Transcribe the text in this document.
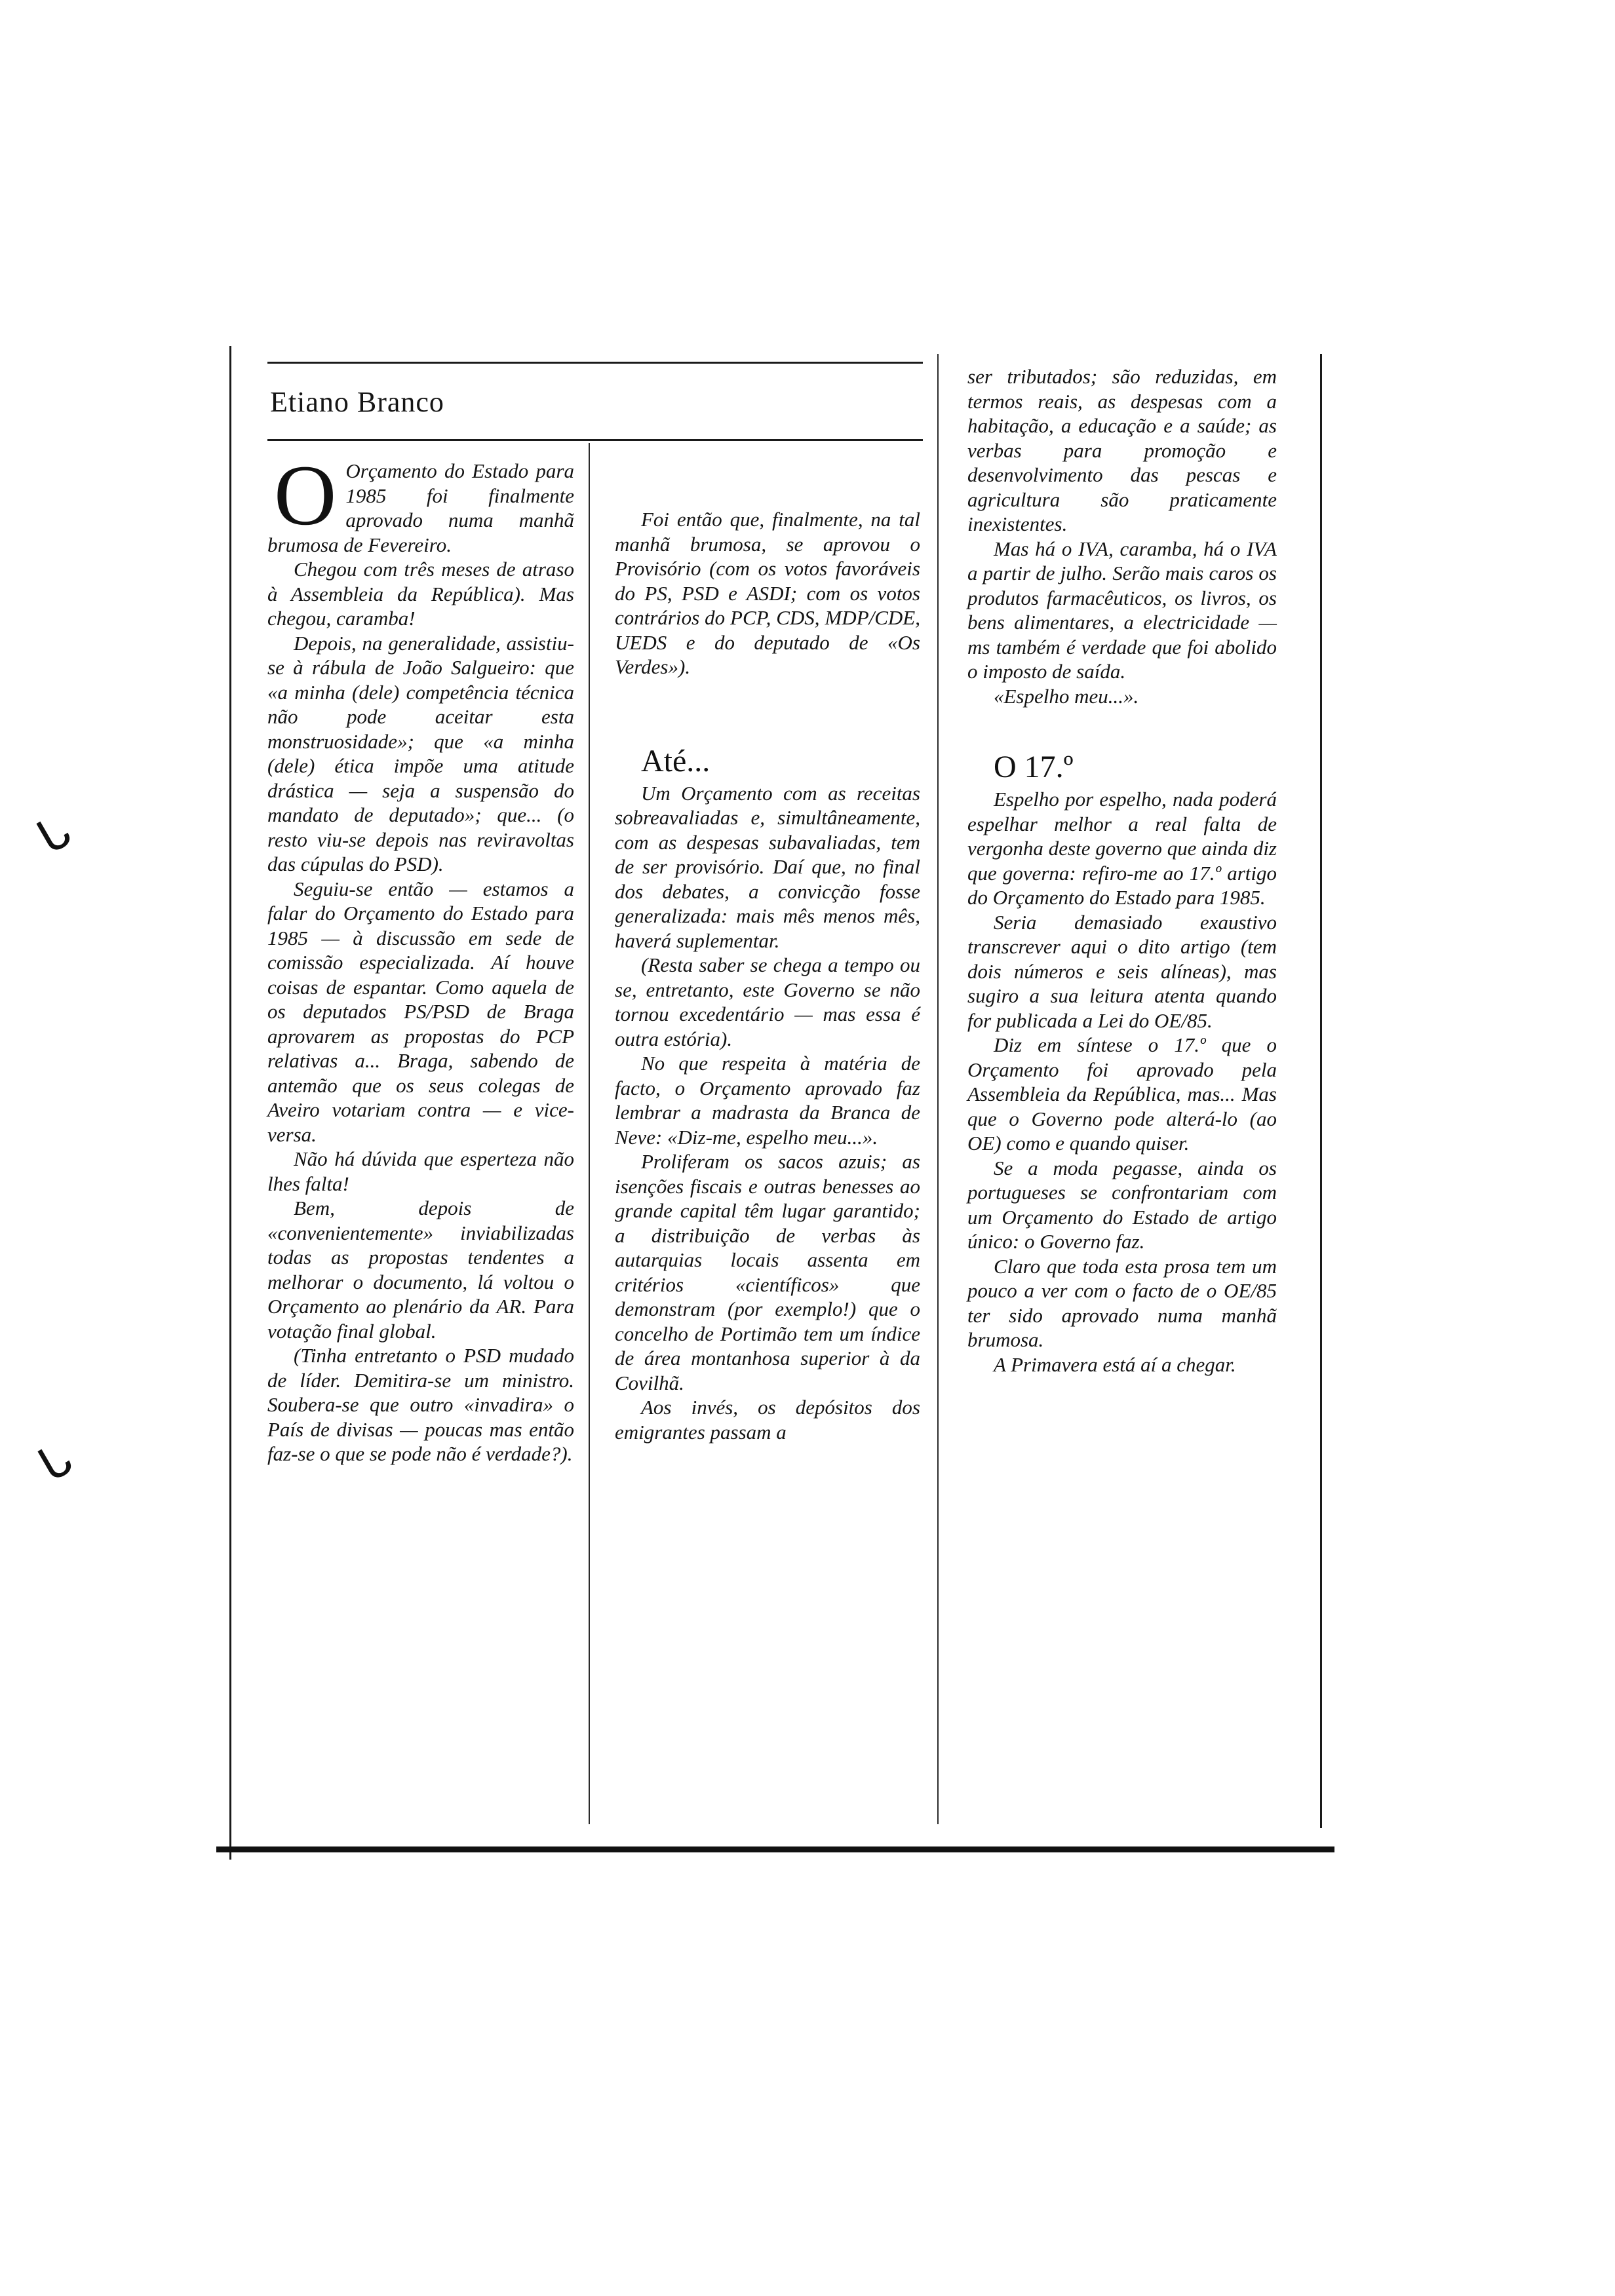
ᒐ
ᒐ
Etiano Branco

O Orçamento do Estado para 1985 foi finalmente aprovado numa manhã brumosa de Fevereiro.

Chegou com três meses de atraso à Assembleia da República). Mas chegou, caramba!

Depois, na generalidade, assistiu-se à rábula de João Salgueiro: que «a minha (dele) competência técnica não pode aceitar esta monstruosidade»; que «a minha (dele) ética impõe uma atitude drástica — seja a suspensão do mandato de deputado»; que... (o resto viu-se depois nas reviravoltas das cúpulas do PSD).

Seguiu-se então — estamos a falar do Orçamento do Estado para 1985 — à discussão em sede de comissão especializada. Aí houve coisas de espantar. Como aquela de os deputados PS/PSD de Braga aprovarem as propostas do PCP relativas a... Braga, sabendo de antemão que os seus colegas de Aveiro votariam contra — e vice-versa.

Não há dúvida que esperteza não lhes falta!

Bem, depois de «convenientemente» inviabilizadas todas as propostas tendentes a melhorar o documento, lá voltou o Orçamento ao plenário da AR. Para votação final global.

(Tinha entretanto o PSD mudado de líder. Demitira-se um ministro. Soubera-se que outro «invadira» o País de divisas — poucas mas então faz-se o que se pode não é verdade?).

Foi então que, finalmente, na tal manhã brumosa, se aprovou o Provisório (com os votos favoráveis do PS, PSD e ASDI; com os votos contrários do PCP, CDS, MDP/CDE, UEDS e do deputado de «Os Verdes»).

Até...

Um Orçamento com as receitas sobreavaliadas e, simultâneamente, com as despesas subavaliadas, tem de ser provisório. Daí que, no final dos debates, a convicção fosse generalizada: mais mês menos mês, haverá suplementar.

(Resta saber se chega a tempo ou se, entretanto, este Governo se não tornou excedentário — mas essa é outra estória).

No que respeita à matéria de facto, o Orçamento aprovado faz lembrar a madrasta da Branca de Neve: «Diz-me, espelho meu...».

Proliferam os sacos azuis; as isenções fiscais e outras benesses ao grande capital têm lugar garantido; a distribuição de verbas às autarquias locais assenta em critérios «científicos» que demonstram (por exemplo!) que o concelho de Portimão tem um índice de área montanhosa superior à da Covilhã.

Aos invés, os depósitos dos emigrantes passam a

ser tributados; são reduzidas, em termos reais, as despesas com a habitação, a educação e a saúde; as verbas para promoção e desenvolvimento das pescas e agricultura são praticamente inexistentes.

Mas há o IVA, caramba, há o IVA a partir de julho. Serão mais caros os produtos farmacêuticos, os livros, os bens alimentares, a electricidade — ms também é verdade que foi abolido o imposto de saída.

«Espelho meu...».

O 17.º

Espelho por espelho, nada poderá espelhar melhor a real falta de vergonha deste governo que ainda diz que governa: refiro-me ao 17.º artigo do Orçamento do Estado para 1985.

Seria demasiado exaustivo transcrever aqui o dito artigo (tem dois números e seis alíneas), mas sugiro a sua leitura atenta quando for publicada a Lei do OE/85.

Diz em síntese o 17.º que o Orçamento foi aprovado pela Assembleia da República, mas... Mas que o Governo pode alterá-lo (ao OE) como e quando quiser.

Se a moda pegasse, ainda os portugueses se confrontariam com um Orçamento do Estado de artigo único: o Governo faz.

Claro que toda esta prosa tem um pouco a ver com o facto de o OE/85 ter sido aprovado numa manhã brumosa.

A Primavera está aí a chegar.
